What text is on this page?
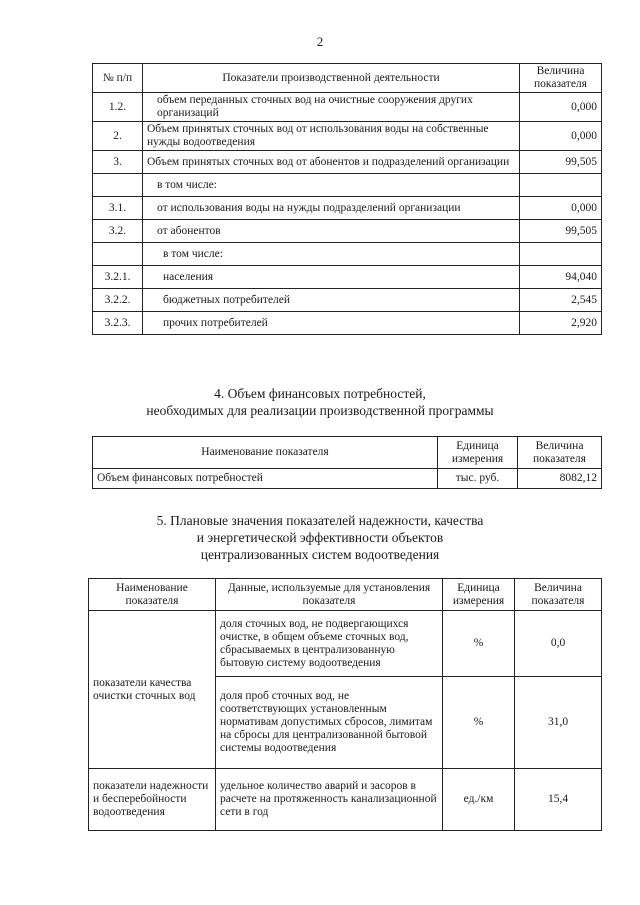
2
№ п/п	Показатели производственной деятельности	Величина показателя
1.2.	объем переданных сточных вод на очистные сооружения других организаций	0,000
2.	Объем принятых сточных вод от использования воды на собственные нужды водоотведения	0,000
3.	Объем принятых сточных вод от абонентов и подразделений организации	99,505
	в том числе:	
3.1.	от использования воды на нужды подразделений организации	0,000
3.2.	от абонентов	99,505
	в том числе:	
3.2.1.	населения	94,040
3.2.2.	бюджетных потребителей	2,545
3.2.3.	прочих потребителей	2,920
4. Объем финансовых потребностей,
необходимых для реализации производственной программы
Наименование показателя	Единица измерения	Величина показателя
Объем финансовых потребностей	тыс. руб.	8082,12
5. Плановые значения показателей надежности, качества
и энергетической эффективности объектов
централизованных систем водоотведения
Наименование показателя	Данные, используемые для установления показателя	Единица измерения	Величина показателя
показатели качества очистки сточных вод	доля сточных вод, не подвергающихся очистке, в общем объеме сточных вод, сбрасываемых в централизованную бытовую систему водоотведения	%	0,0
	доля проб сточных вод, не соответствующих установленным нормативам допустимых сбросов, лимитам на сбросы для централизованной бытовой системы водоотведения	%	31,0
показатели надежности и бесперебойности водоотведения	удельное количество аварий и засоров в расчете на протяженность канализационной сети в год	ед./км	15,4
